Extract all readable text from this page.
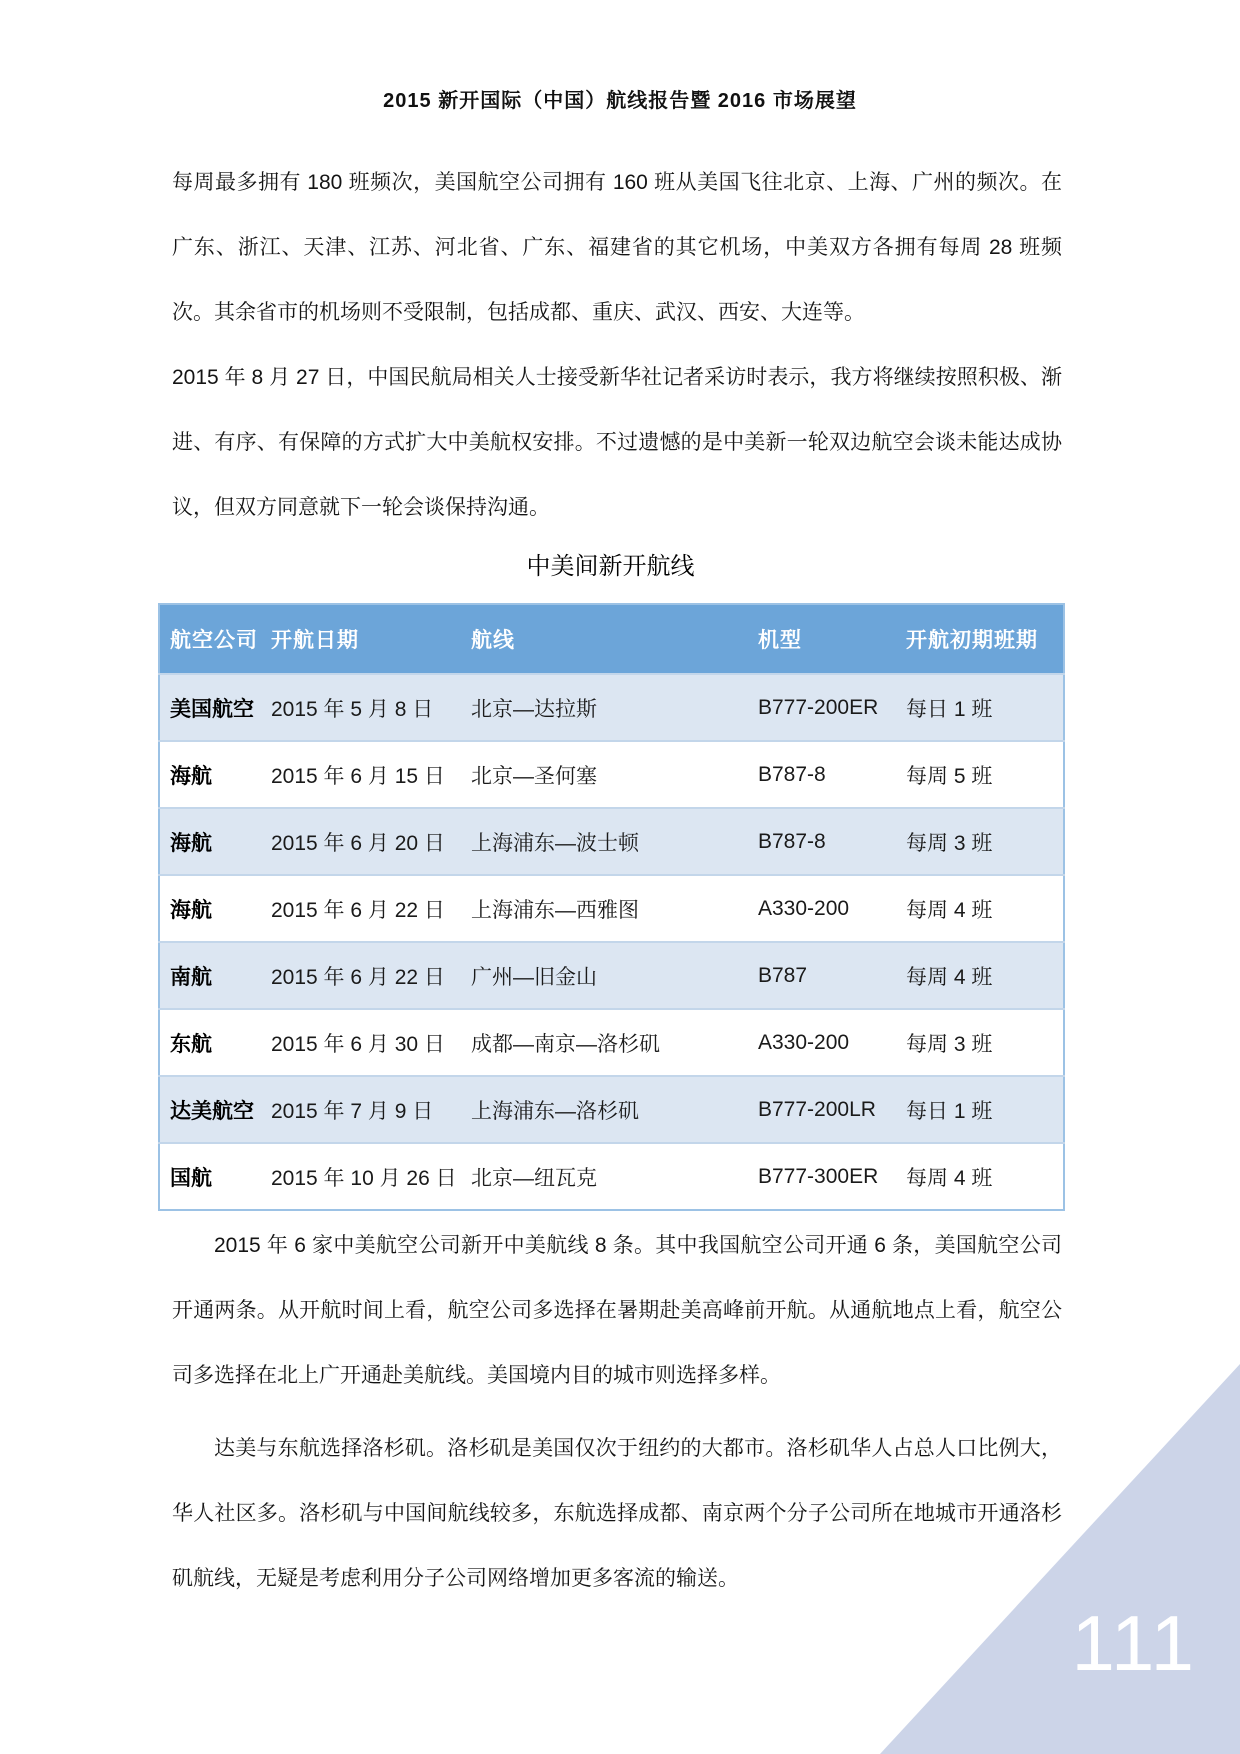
2015 新开国际（中国）航线报告暨 2016 市场展望

每周最多拥有 180 班频次，美国航空公司拥有 160 班从美国飞往北京、上海、广州的频次。在广东、浙江、天津、江苏、河北省、广东、福建省的其它机场，中美双方各拥有每周 28 班频次。其余省市的机场则不受限制，包括成都、重庆、武汉、西安、大连等。

2015 年 8 月 27 日，中国民航局相关人士接受新华社记者采访时表示，我方将继续按照积极、渐进、有序、有保障的方式扩大中美航权安排。不过遗憾的是中美新一轮双边航空会谈未能达成协议，但双方同意就下一轮会谈保持沟通。

中美间新开航线
航空公司	开航日期	航线	机型	开航初期班期
美国航空	2015 年 5 月 8 日	北京—达拉斯	B777-200ER	每日 1 班
海航	2015 年 6 月 15 日	北京—圣何塞	B787-8	每周 5 班
海航	2015 年 6 月 20 日	上海浦东—波士顿	B787-8	每周 3 班
海航	2015 年 6 月 22 日	上海浦东—西雅图	A330-200	每周 4 班
南航	2015 年 6 月 22 日	广州—旧金山	B787	每周 4 班
东航	2015 年 6 月 30 日	成都—南京—洛杉矶	A330-200	每周 3 班
达美航空	2015 年 7 月 9 日	上海浦东—洛杉矶	B777-200LR	每日 1 班
国航	2015 年 10 月 26 日	北京—纽瓦克	B777-300ER	每周 4 班

2015 年 6 家中美航空公司新开中美航线 8 条。其中我国航空公司开通 6 条，美国航空公司开通两条。从开航时间上看，航空公司多选择在暑期赴美高峰前开航。从通航地点上看，航空公司多选择在北上广开通赴美航线。美国境内目的城市则选择多样。

达美与东航选择洛杉矶。洛杉矶是美国仅次于纽约的大都市。洛杉矶华人占总人口比例大，华人社区多。洛杉矶与中国间航线较多，东航选择成都、南京两个分子公司所在地城市开通洛杉矶航线，无疑是考虑利用分子公司网络增加更多客流的输送。

111
